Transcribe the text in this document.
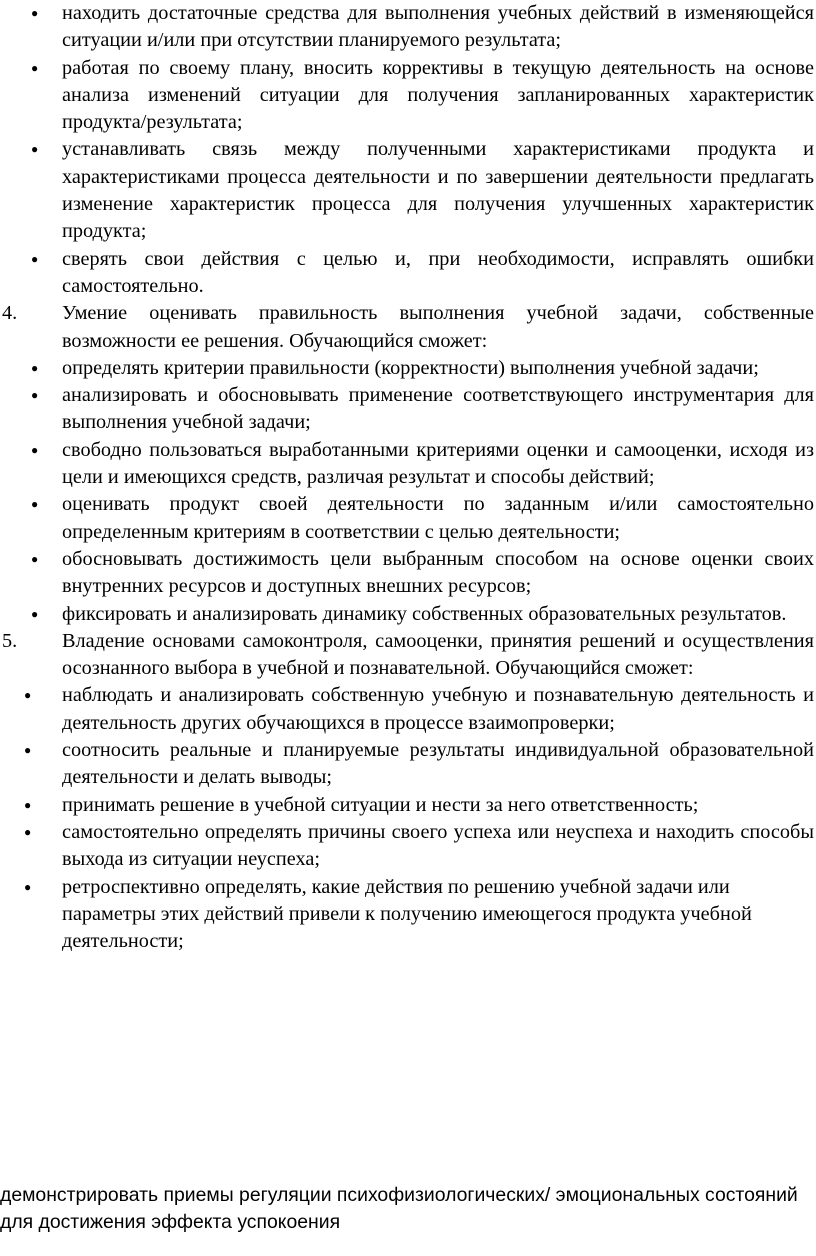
● находить достаточные средства для выполнения учебных действий в изменяющейся ситуации и/или при отсутствии планируемого результата;
● работая по своему плану, вносить коррективы в текущую деятельность на основе анализа изменений ситуации для получения запланированных характеристик продукта/результата;
● устанавливать связь между полученными характеристиками продукта и характеристиками процесса деятельности и по завершении деятельности предлагать изменение характеристик процесса для получения улучшенных характеристик продукта;
● сверять свои действия с целью и, при необходимости, исправлять ошибки самостоятельно.
4. Умение оценивать правильность выполнения учебной задачи, собственные возможности ее решения. Обучающийся сможет:
● определять критерии правильности (корректности) выполнения учебной задачи;
● анализировать и обосновывать применение соответствующего инструментария для выполнения учебной задачи;
● свободно пользоваться выработанными критериями оценки и самооценки, исходя из цели и имеющихся средств, различая результат и способы действий;
● оценивать продукт своей деятельности по заданным и/или самостоятельно определенным критериям в соответствии с целью деятельности;
● обосновывать достижимость цели выбранным способом на основе оценки своих внутренних ресурсов и доступных внешних ресурсов;
● фиксировать и анализировать динамику собственных образовательных результатов.
5. Владение основами самоконтроля, самооценки, принятия решений и осуществления осознанного выбора в учебной и познавательной. Обучающийся сможет:
● наблюдать и анализировать собственную учебную и познавательную деятельность и деятельность других обучающихся в процессе взаимопроверки;
● соотносить реальные и планируемые результаты индивидуальной образовательной деятельности и делать выводы;
● принимать решение в учебной ситуации и нести за него ответственность;
● самостоятельно определять причины своего успеха или неуспеха и находить способы выхода из ситуации неуспеха;
● ретроспективно определять, какие действия по решению учебной задачи или параметры этих действий привели к получению имеющегося продукта учебной деятельности;
демонстрировать приемы регуляции психофизиологических/ эмоциональных состояний для достижения эффекта успокоения
